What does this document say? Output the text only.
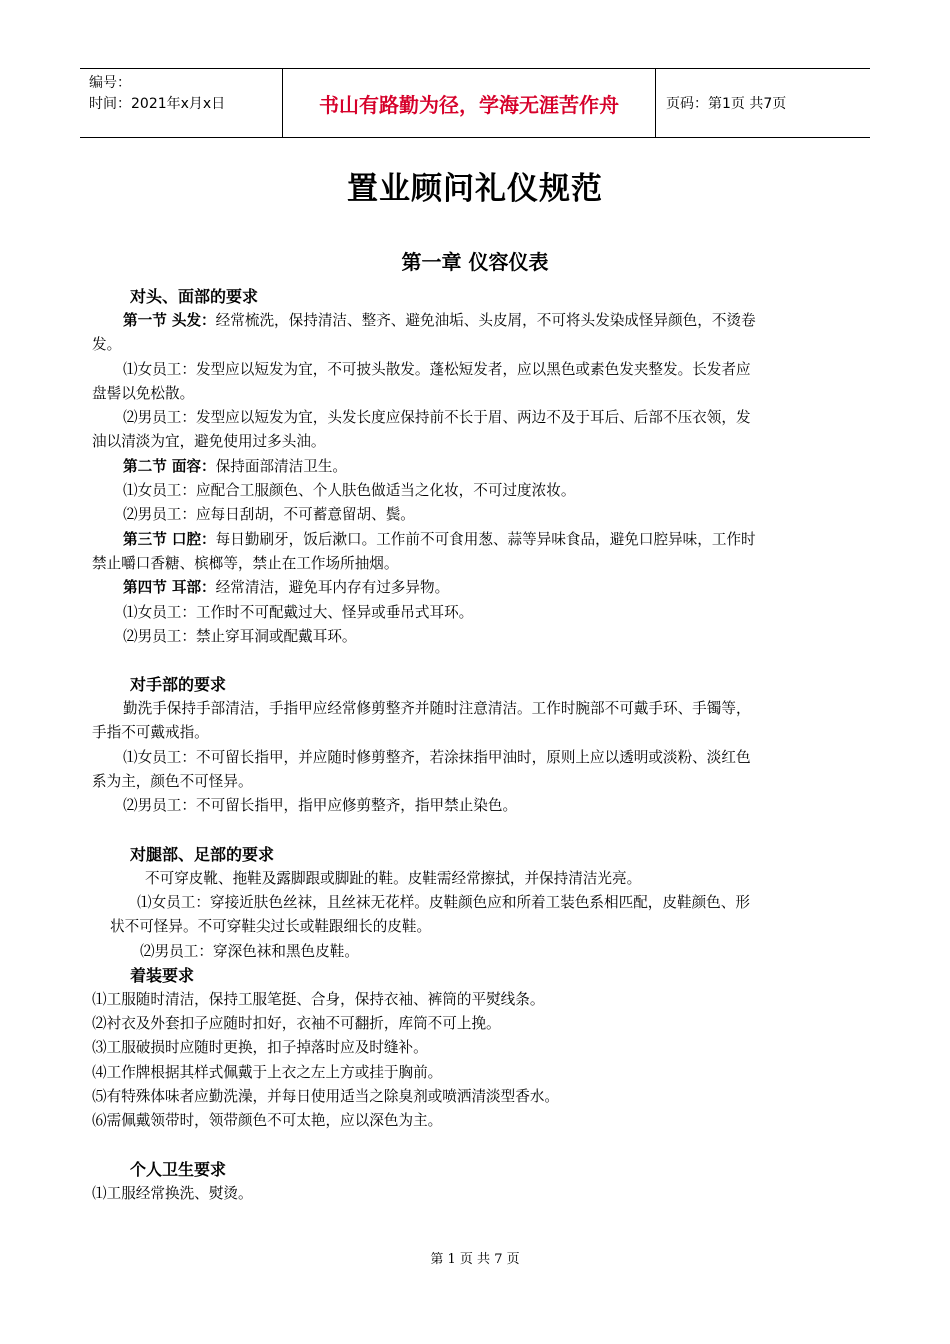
编号：
时间：2021年x月x日	书山有路勤为径，学海无涯苦作舟	页码：第1页 共7页
置业顾问礼仪规范
第一章 仪容仪表
对头、面部的要求
第一节 头发：经常梳洗，保持清洁、整齐、避免油垢、头皮屑，不可将头发染成怪异颜色，不烫卷
发。
⑴女员工：发型应以短发为宜，不可披头散发。蓬松短发者，应以黑色或素色发夹整发。长发者应
盘髻以免松散。
⑵男员工：发型应以短发为宜，头发长度应保持前不长于眉、两边不及于耳后、后部不压衣领，发
油以清淡为宜，避免使用过多头油。
第二节 面容：保持面部清洁卫生。
⑴女员工：应配合工服颜色、个人肤色做适当之化妆，不可过度浓妆。
⑵男员工：应每日刮胡，不可蓄意留胡、鬓。
第三节 口腔：每日勤刷牙，饭后漱口。工作前不可食用葱、蒜等异味食品，避免口腔异味，工作时
禁止嚼口香糖、槟榔等，禁止在工作场所抽烟。
第四节 耳部：经常清洁，避免耳内存有过多异物。
⑴女员工：工作时不可配戴过大、怪异或垂吊式耳环。
⑵男员工：禁止穿耳洞或配戴耳环。
对手部的要求
勤洗手保持手部清洁，手指甲应经常修剪整齐并随时注意清洁。工作时腕部不可戴手环、手镯等，
手指不可戴戒指。
⑴女员工：不可留长指甲，并应随时修剪整齐，若涂抹指甲油时，原则上应以透明或淡粉、淡红色
系为主，颜色不可怪异。
⑵男员工：不可留长指甲，指甲应修剪整齐，指甲禁止染色。
对腿部、足部的要求
不可穿皮靴、拖鞋及露脚跟或脚趾的鞋。皮鞋需经常擦拭，并保持清洁光亮。
⑴女员工：穿接近肤色丝袜，且丝袜无花样。皮鞋颜色应和所着工装色系相匹配，皮鞋颜色、形
状不可怪异。不可穿鞋尖过长或鞋跟细长的皮鞋。
⑵男员工：穿深色袜和黑色皮鞋。
着装要求
⑴工服随时清洁，保持工服笔挺、合身，保持衣袖、裤筒的平熨线条。
⑵衬衣及外套扣子应随时扣好，衣袖不可翻折，库筒不可上挽。
⑶工服破损时应随时更换，扣子掉落时应及时缝补。
⑷工作牌根据其样式佩戴于上衣之左上方或挂于胸前。
⑸有特殊体味者应勤洗澡，并每日使用适当之除臭剂或喷洒清淡型香水。
⑹需佩戴领带时，领带颜色不可太艳，应以深色为主。
个人卫生要求
⑴工服经常换洗、熨烫。
第 1 页 共 7 页
